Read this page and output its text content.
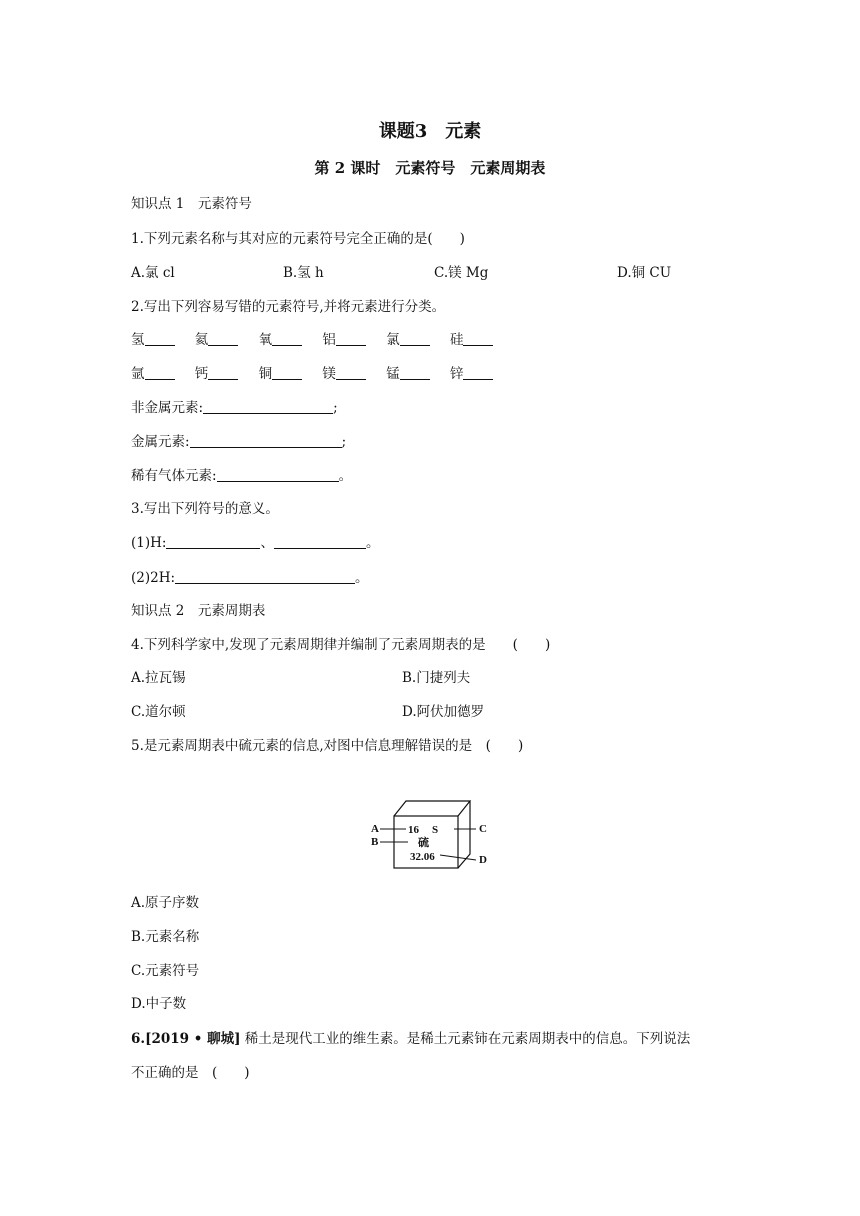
课题3　元素
第 2 课时　元素符号　元素周期表
知识点 1　元素符号
1.下列元素名称与其对应的元素符号完全正确的是(　　)
A.氯 cl	B.氢 h	C.镁 Mg	D.铜 CU
2.写出下列容易写错的元素符号,并将元素进行分类。
氢	氦	氧	铝	氯	硅
氩	钙	铜	镁	锰	锌
非金属元素:	;
金属元素:	;
稀有气体元素:	。
3.写出下列符号的意义。
(1)H:	、	。
(2)2H:	。
知识点 2　元素周期表
4.下列科学家中,发现了元素周期律并编制了元素周期表的是　　(　　)
A.拉瓦锡	B.门捷列夫
C.道尔顿	D.阿伏加德罗
5.是元素周期表中硫元素的信息,对图中信息理解错误的是　(　　)
A
B
C
D
16 S
硫
32.06
A.原子序数
B.元素名称
C.元素符号
D.中子数
6.[2019 • 聊城] 稀土是现代工业的维生素。是稀土元素铈在元素周期表中的信息。下列说法
不正确的是　(　　)
